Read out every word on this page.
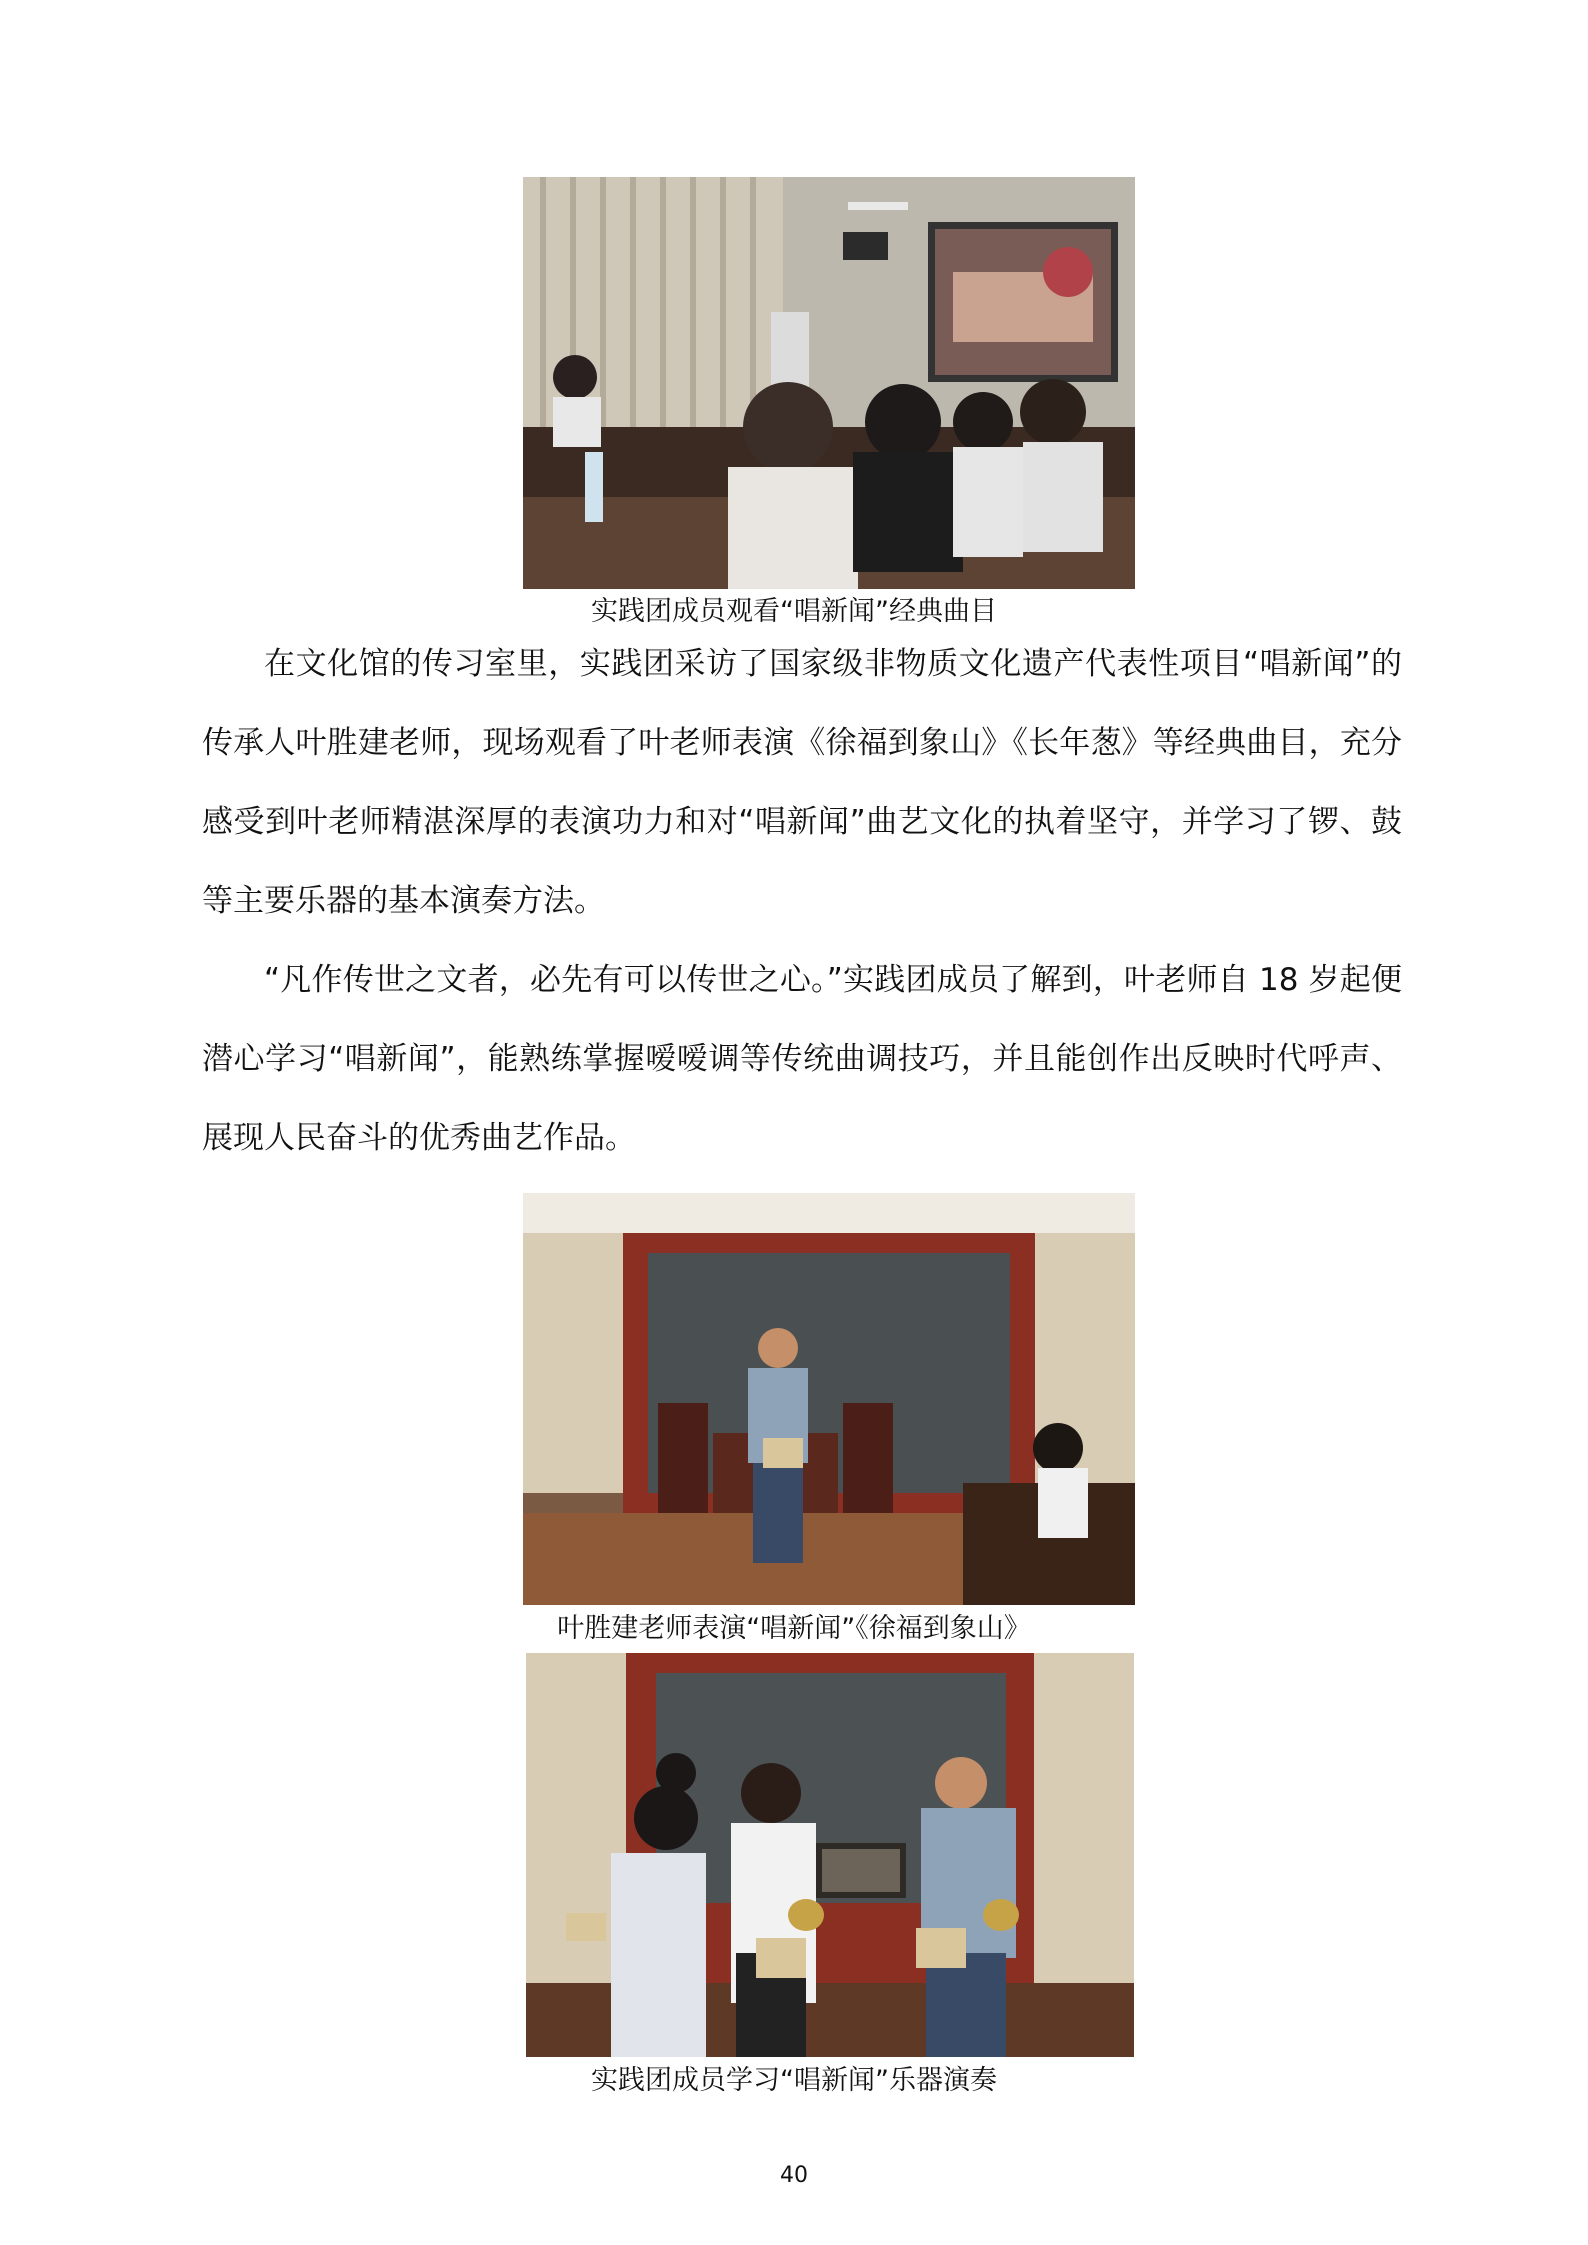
实践团成员观看“唱新闻”经典曲目

在文化馆的传习室里，实践团采访了国家级非物质文化遗产代表性项目“唱新闻”的传承人叶胜建老师，现场观看了叶老师表演《徐福到象山》《长年葱》等经典曲目，充分感受到叶老师精湛深厚的表演功力和对“唱新闻”曲艺文化的执着坚守，并学习了锣、鼓等主要乐器的基本演奏方法。

“凡作传世之文者，必先有可以传世之心。”实践团成员了解到，叶老师自 18 岁起便潜心学习“唱新闻”，能熟练掌握嗳嗳调等传统曲调技巧，并且能创作出反映时代呼声、展现人民奋斗的优秀曲艺作品。

叶胜建老师表演“唱新闻”《徐福到象山》
实践团成员学习“唱新闻”乐器演奏
40
